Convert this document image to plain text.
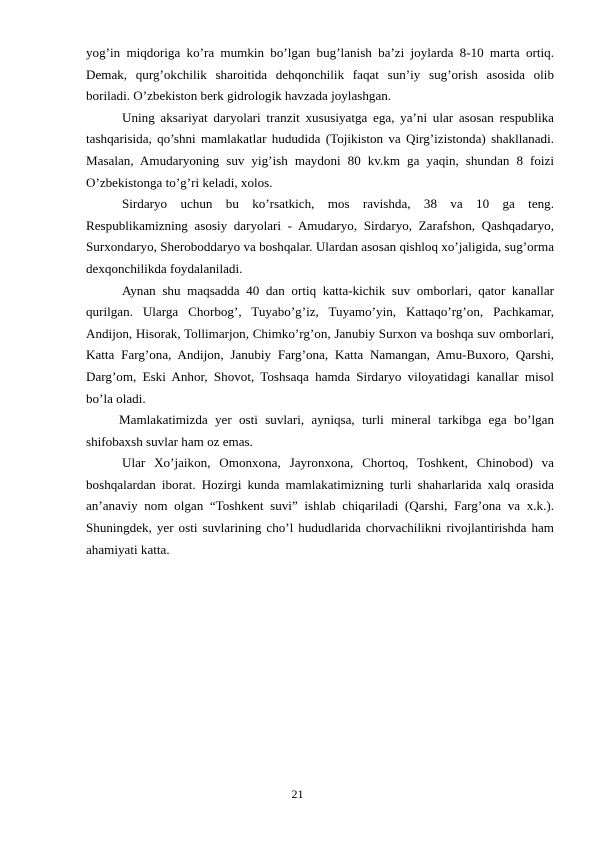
yog’in miqdoriga ko’ra mumkin bo’lgan bug’lanish ba’zi joylarda 8-10 marta ortiq. Demak, qurg’okchilik sharoitida dehqonchilik faqat sun’iy sug’orish asosida olib boriladi. O’zbekiston berk gidrologik havzada joylashgan.

Uning aksariyat daryolari tranzit xususiyatga ega, ya’ni ular asosan respublika tashqarisida, qo’shni mamlakatlar hududida (Tojikiston va Qirg’izistonda) shakllanadi. Masalan, Amudaryoning suv yig’ish maydoni 80 kv.km ga yaqin, shundan 8 foizi O’zbekistonga to’g’ri keladi, xolos.

Sirdaryo uchun bu ko’rsatkich, mos ravishda, 38 va 10 ga teng. Respublikamizning asosiy daryolari - Amudaryo, Sirdaryo, Zarafshon, Qashqadaryo, Surxondaryo, Sheroboddaryo va boshqalar. Ulardan asosan qishloq xo’jaligida, sug’orma dexqonchilikda foydalaniladi.

Aynan shu maqsadda 40 dan ortiq katta-kichik suv omborlari, qator kanallar qurilgan. Ularga Chorbog’, Tuyabo’g’iz, Tuyamo’yin, Kattaqo’rg’on, Pachkamar, Andijon, Hisorak, Tollimarjon, Chimko’rg’on, Janubiy Surxon va boshqa suv omborlari, Katta Farg’ona, Andijon, Janubiy Farg’ona, Katta Namangan, Amu-Buxoro, Qarshi, Darg’om, Eski Anhor, Shovot, Toshsaqa hamda Sirdaryo viloyatidagi kanallar misol bo’la oladi.

Mamlakatimizda yer osti suvlari, ayniqsa, turli mineral tarkibga ega bo’lgan shifobaxsh suvlar ham oz emas.

Ular Xo’jaikon, Omonxona, Jayronxona, Chortoq, Toshkent, Chinobod) va boshqalardan iborat. Hozirgi kunda mamlakatimizning turli shaharlarida xalq orasida an’anaviy nom olgan “Toshkent suvi” ishlab chiqariladi (Qarshi, Farg’ona va x.k.). Shuningdek, yer osti suvlarining cho’l hududlarida chorvachilikni rivojlantirishda ham ahamiyati katta.

21
